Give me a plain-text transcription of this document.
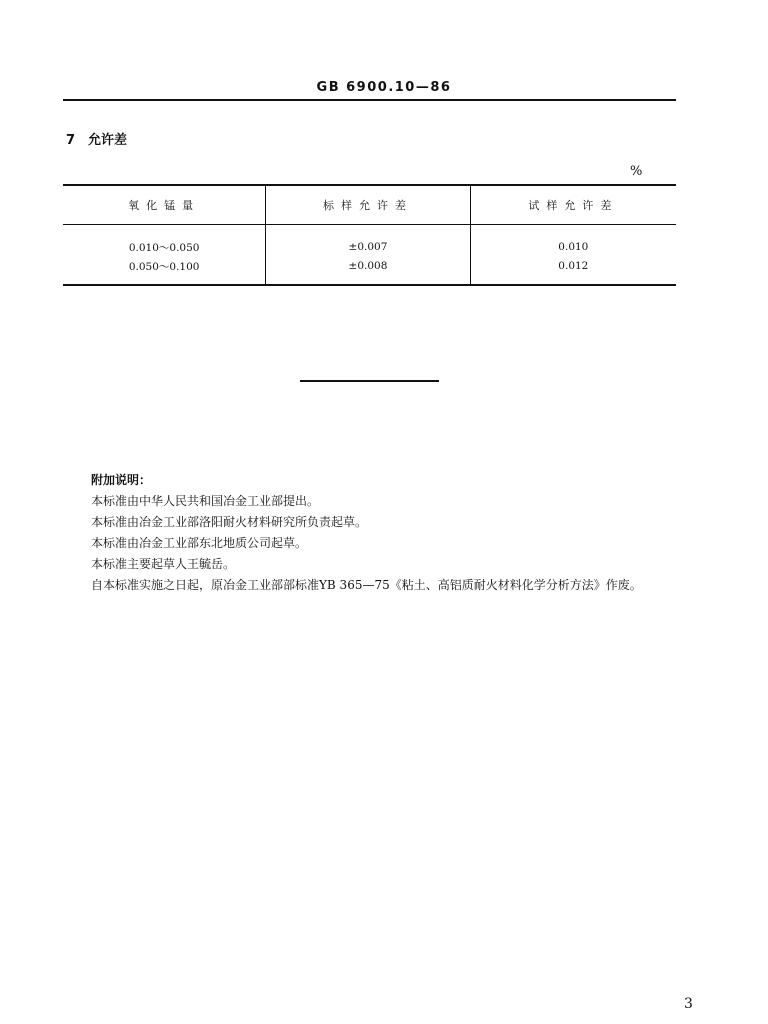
GB 6900.10—86
7 允许差
%
氧化锰量	标样允许差	试样允许差
0.010～0.050	±0.007	0.010
0.050～0.100	±0.008	0.012
附加说明：
本标准由中华人民共和国冶金工业部提出。
本标准由冶金工业部洛阳耐火材料研究所负责起草。
本标准由冶金工业部东北地质公司起草。
本标准主要起草人王毓岳。
自本标准实施之日起，原冶金工业部部标准YB 365—75《粘土、高铝质耐火材料化学分析方法》作废。
3
